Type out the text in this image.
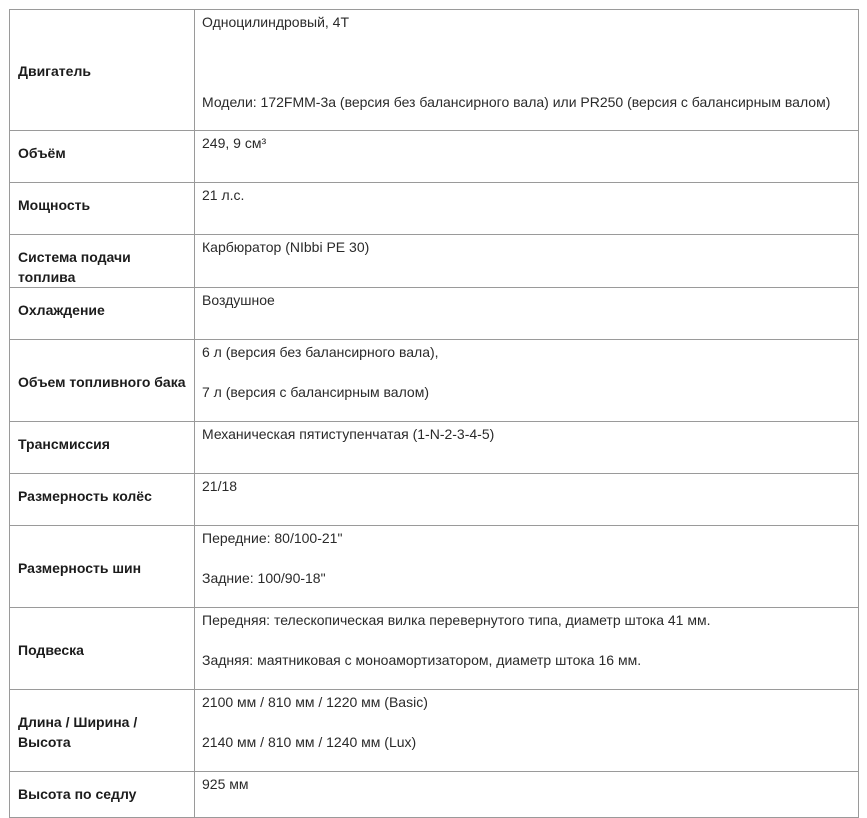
Двигатель	Одноцилиндровый, 4T
Модели: 172FMM-3a (версия без балансирного вала) или PR250 (версия с балансирным валом)

Объём	249, 9 см³

Мощность	21 л.с.

Система подачи топлива	Карбюратор (NIbbi PE 30)

Охлаждение	Воздушное

Объем топливного бака	6 л (версия без балансирного вала),
7 л (версия с балансирным валом)

Трансмиссия	Механическая пятиступенчатая (1-N-2-3-4-5)

Размерность колёс	21/18

Размерность шин	Передние: 80/100-21"
Задние: 100/90-18"

Подвеска	Передняя: телескопическая вилка перевернутого типа, диаметр штока 41 мм.
Задняя: маятниковая с моноамортизатором, диаметр штока 16 мм.

Длина / Ширина / Высота	2100 мм / 810 мм / 1220 мм (Basic)
2140 мм / 810 мм / 1240 мм (Lux)

Высота по седлу	925 мм
